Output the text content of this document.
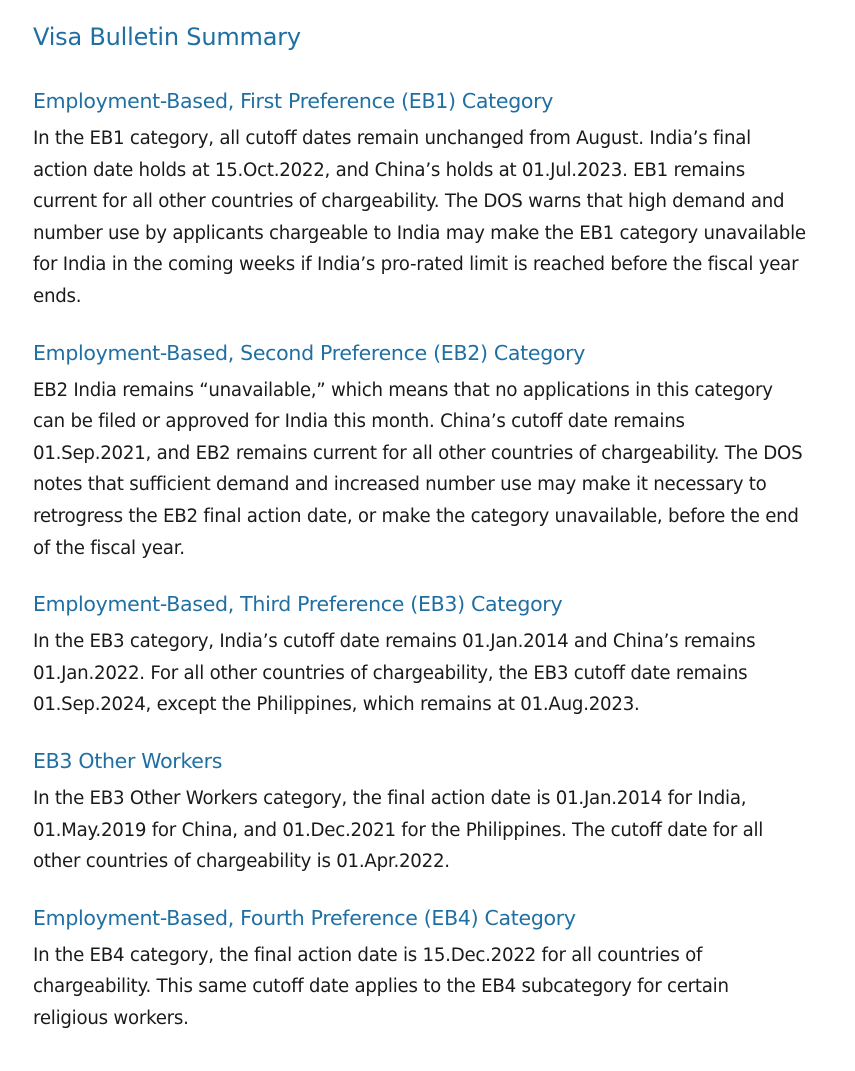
Visa Bulletin Summary
Employment-Based, First Preference (EB1) Category

In the EB1 category, all cutoff dates remain unchanged from August. India’s final action date holds at 15.Oct.2022, and China’s holds at 01.Jul.2023. EB1 remains current for all other countries of chargeability. The DOS warns that high demand and number use by applicants chargeable to India may make the EB1 category unavailable for India in the coming weeks if India’s pro-rated limit is reached before the fiscal year ends.

Employment-Based, Second Preference (EB2) Category

EB2 India remains “unavailable,” which means that no applications in this category can be filed or approved for India this month. China’s cutoff date remains 01.Sep.2021, and EB2 remains current for all other countries of chargeability. The DOS notes that sufficient demand and increased number use may make it necessary to retrogress the EB2 final action date, or make the category unavailable, before the end of the fiscal year.

Employment-Based, Third Preference (EB3) Category

In the EB3 category, India’s cutoff date remains 01.Jan.2014 and China’s remains 01.Jan.2022. For all other countries of chargeability, the EB3 cutoff date remains 01.Sep.2024, except the Philippines, which remains at 01.Aug.2023.

EB3 Other Workers

In the EB3 Other Workers category, the final action date is 01.Jan.2014 for India, 01.May.2019 for China, and 01.Dec.2021 for the Philippines. The cutoff date for all other countries of chargeability is 01.Apr.2022.

Employment-Based, Fourth Preference (EB4) Category

In the EB4 category, the final action date is 15.Dec.2022 for all countries of chargeability. This same cutoff date applies to the EB4 subcategory for certain religious workers.
